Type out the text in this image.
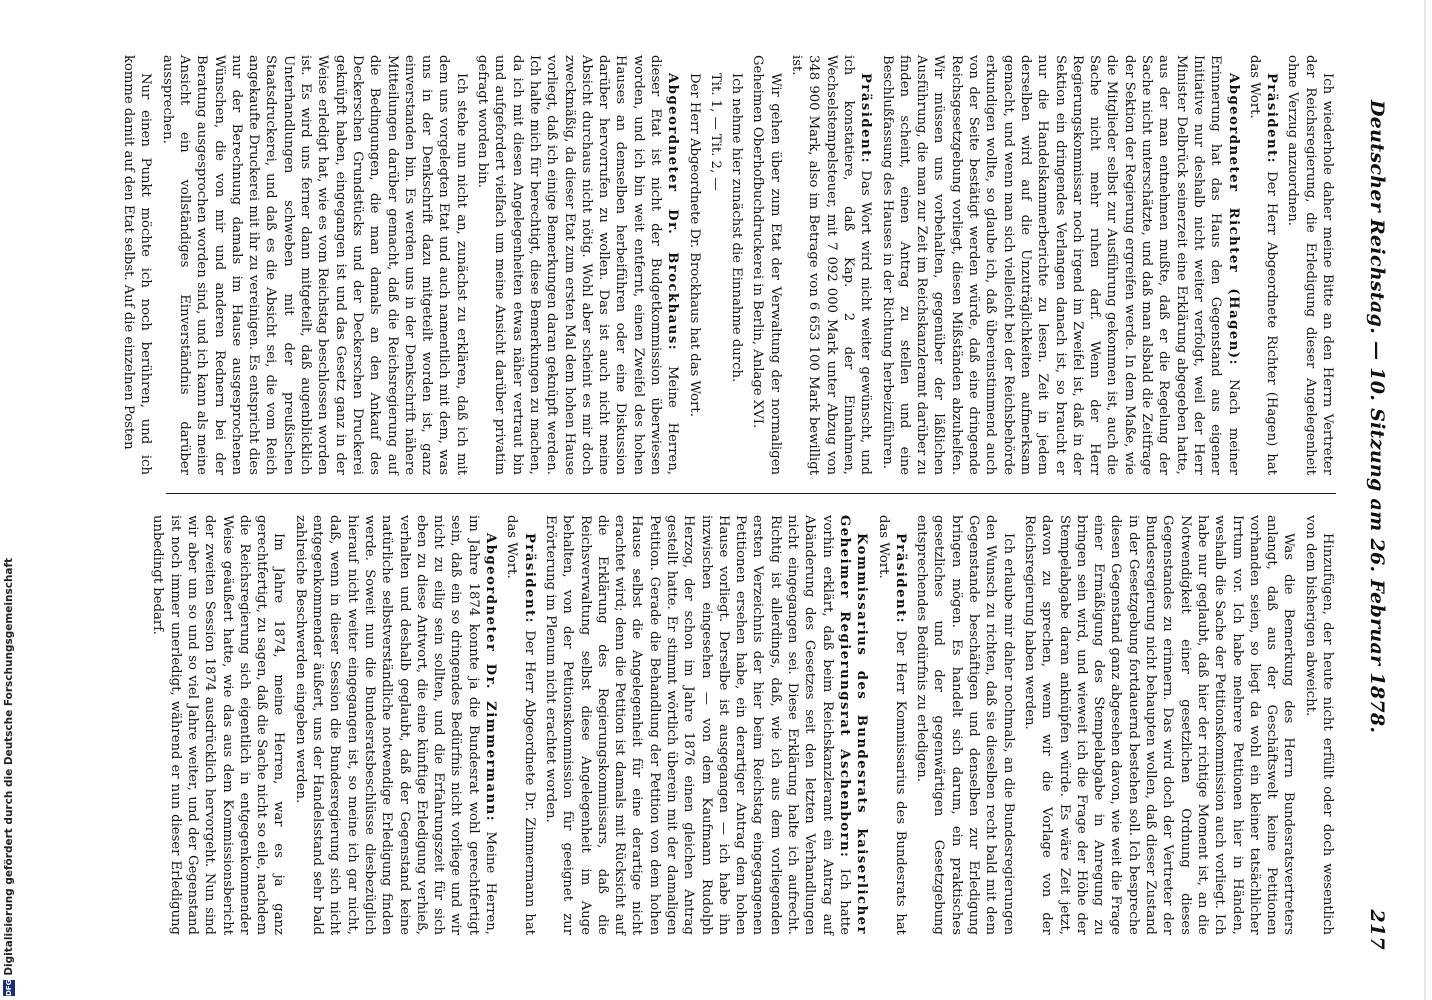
Deutscher Reichstag. — 10. Sitzung am 26. Februar 1878.
217

Ich wiederhole daher meine Bitte an den Herrn Vertreter der Reichsregierung, die Erledigung dieser Angelegenheit ohne Verzug anzuordnen.

Präsident: Der Herr Abgeordnete Richter (Hagen) hat das Wort.

Abgeordneter Richter (Hagen): Nach meiner Erinnerung hat das Haus den Gegenstand aus eigener Initiative nur deshalb nicht weiter verfolgt, weil der Herr Minister Delbrück seinerzeit eine Erklärung abgegeben hatte, aus der man entnehmen mußte, daß er die Regelung der Sache nicht unterschätzte, und daß man alsbald die Zeitfrage der Sektion der Regierung ergreifen werde. In dem Maße, wie die Mitglieder selbst zur Ausführung gekommen ist, auch die Sache nicht mehr ruhen darf. Wenn der Herr Regierungskommissar noch irgend im Zweifel ist, daß in der Sektion ein dringendes Verlangen danach ist, so braucht er nur die Handelskammerberichte zu lesen. Zeit in jedem derselben wird auf die Unzuträglichkeiten aufmerksam gemacht, und wenn man sich vielleicht bei der Reichsbehörde erkundigen wollte, so glaube ich, daß übereinstimmend auch von der Seite bestätigt werden würde, daß eine dringende Reichsgesetzgebung vorliegt, diesen Mißständen abzuhelfen. Wir müssen uns vorbehalten, gegenüber der läßlichen Ausführung, die man zur Zeit im Reichskanzleramt darüber zu finden scheint, einen Antrag zu stellen und eine Beschlußfassung des Hauses in der Richtung herbeizuführen.

Präsident: Das Wort wird nicht weiter gewünscht, und ich konstatiere, daß Kap. 2 der Einnahmen, Wechselstempelsteuer, mit 7 092 000 Mark unter Abzug von 348 900 Mark, also im Betrage von 6 653 100 Mark bewilligt ist.

Wir gehen über zum Etat der Verwaltung der normaligen Geheimen Oberhofbuchdruckerei in Berlin, Anlage XVI.

Ich nehme hier zunächst die Einnahme durch.

Tit. 1, — Tit. 2, —

Der Herr Abgeordnete Dr. Brockhaus hat das Wort.

Abgeordneter Dr. Brockhaus: Meine Herren, dieser Etat ist nicht der Budgetkommission überwiesen worden, und ich bin weit entfernt, einen Zweifel des hohen Hauses an demselben herbeiführen oder eine Diskussion darüber hervorrufen zu wollen. Das ist auch nicht meine Absicht durchaus nicht nötig. Wohl aber scheint es mir doch zweckmäßig, da dieser Etat zum ersten Mal dem hohen Hause vorliegt, daß ich einige Bemerkungen daran geknüpft werden. Ich halte mich für berechtigt, diese Bemerkungen zu machen, da ich mit diesen Angelegenheiten etwas näher vertraut bin und aufgefordert vielfach um meine Ansicht darüber privatim gefragt worden bin.

Ich stehe nun nicht an, zunächst zu erklären, daß ich mit dem uns vorgelegten Etat und auch namentlich mit dem, was uns in der Denkschrift dazu mitgeteilt worden ist, ganz einverstanden bin. Es werden uns in der Denkschrift nähere Mitteilungen darüber gemacht, daß die Reichsregierung auf die Bedingungen, die man damals an den Ankauf des Deckerschen Grundstücks und der Deckerschen Druckerei geknüpft haben, eingegangen ist und das Gesetz ganz in der Weise erledigt hat, wie es vom Reichstag beschlossen worden ist. Es wird uns ferner dann mitgeteilt, daß augenblicklich Unterhandlungen schweben mit der preußischen Staatsdruckerei, und daß es die Absicht sei, die vom Reich angekaufte Druckerei mit ihr zu vereinigen. Es entspricht dies nur der Berechnung damals im Hause ausgesprochenen Wünschen, die von mir und anderen Rednern bei der Beratung ausgesprochen worden sind, und ich kann als meine Ansicht ein vollständiges Einverständnis darüber aussprechen.

Nur einen Punkt möchte ich noch berühren, und ich komme damit auf den Etat selbst. Auf die einzelnen Posten

Hinzufügen, der heute nicht erfüllt oder doch wesentlich von dem bisherigen abweicht.

Was die Bemerkung des Herrn Bundesratsvertreters anlangt, daß aus der Geschäftswelt keine Petitionen vorhanden seien, so liegt da wohl ein kleiner tatsächlicher Irrtum vor. Ich habe mehrere Petitionen hier in Händen, weshalb die Sache der Petitionskommission auch vorliegt. Ich habe nur geglaubt, daß hier der richtige Moment ist, an die Notwendigkeit einer gesetzlichen Ordnung dieses Gegenstandes zu erinnern. Das wird doch der Vertreter der Bundesregierung nicht behaupten wollen, daß dieser Zustand in der Gesetzgebung fortdauernd bestehen soll. Ich bespreche diesen Gegenstand ganz abgesehen davon, wie weit die Frage einer Ermäßigung des Stempelabgabe in Anregung zu bringen sein wird, und wieweit ich die Frage der Höhe der Stempelabgabe daran anknüpfen würde. Es wäre Zeit jetzt, davon zu sprechen, wenn wir die Vorlage von der Reichsregierung haben werden.

Ich erlaube mir daher nochmals, an die Bundesregierungen den Wunsch zu richten, daß sie dieselben recht bald mit dem Gegenstande beschäftigen und denselben zur Erledigung bringen mögen. Es handelt sich darum, ein praktisches gesetzliches und der gegenwärtigen Gesetzgebung entsprechendes Bedürfnis zu erledigen.

Präsident: Der Herr Kommissarius des Bundesrats hat das Wort.

Kommissarius des Bundesrats kaiserlicher Geheimer Regierungsrat Aschenborn: Ich hatte vorhin erklärt, daß beim Reichskanzleramt ein Antrag auf Abänderung des Gesetzes seit den letzten Verhandlungen nicht eingegangen sei. Diese Erklärung halte ich aufrecht. Richtig ist allerdings, daß, wie ich aus dem vorliegenden ersten Verzeichnis der hier beim Reichstag eingegangenen Petitionen ersehen habe, ein derartiger Antrag dem hohen Hause vorliegt. Derselbe ist ausgegangen — ich habe ihn inzwischen eingesehen — von dem Kaufmann Rudolph Herzog, der schon im Jahre 1876 einen gleichen Antrag gestellt hatte. Er stimmt wörtlich überein mit der damaligen Petition. Gerade die Behandlung der Petition von dem hohen Hause selbst die Angelegenheit für eine derartige nicht erachtet wird; denn die Petition ist damals mit Rücksicht auf die Erklärung des Regierungskommissars, daß die Reichsverwaltung selbst diese Angelegenheit im Auge behalten, von der Petitionskommission für geeignet zur Erörterung im Plenum nicht erachtet worden.

Präsident: Der Herr Abgeordnete Dr. Zimmermann hat das Wort.

Abgeordneter Dr. Zimmermann: Meine Herren, im Jahre 1874 konnte ja die Bundesrat wohl gerechtfertigt sein, daß ein so dringendes Bedürfnis nicht vorliege und wir nicht zu eilig sein sollten, und die Erfahrungszeit für sich eben zu diese Antwort, die eine künftige Erledigung verhieß, verhalten und deshalb geglaubt, daß der Gegenstand keine natürliche selbstverständliche notwendige Erledigung finden werde. Soweit nun die Bundesratsbeschlüsse diesbezüglich hierauf nicht weiter eingegangen ist, so meine ich gar nicht, daß, wenn in dieser Session die Bundesregierung sich nicht entgegenkommender äußert, uns der Handelsstand sehr bald zahlreiche Beschwerden eingeben werden.

Im Jahre 1874, meine Herren, war es ja ganz gerechtfertigt, zu sagen, daß die Sache nicht so eile, nachdem die Reichsregierung sich eigentlich in entgegenkommender Weise geäußert hatte, wie das aus dem Kommissionsbericht der zweiten Session 1874 ausdrücklich hervorgeht. Nun sind wir aber um so und so viel Jahre weiter, und der Gegenstand ist noch immer unerledigt, während er nun dieser Erledigung unbedingt bedarf.

DFG
Digitalisierung gefördert durch die Deutsche Forschungsgemeinschaft
